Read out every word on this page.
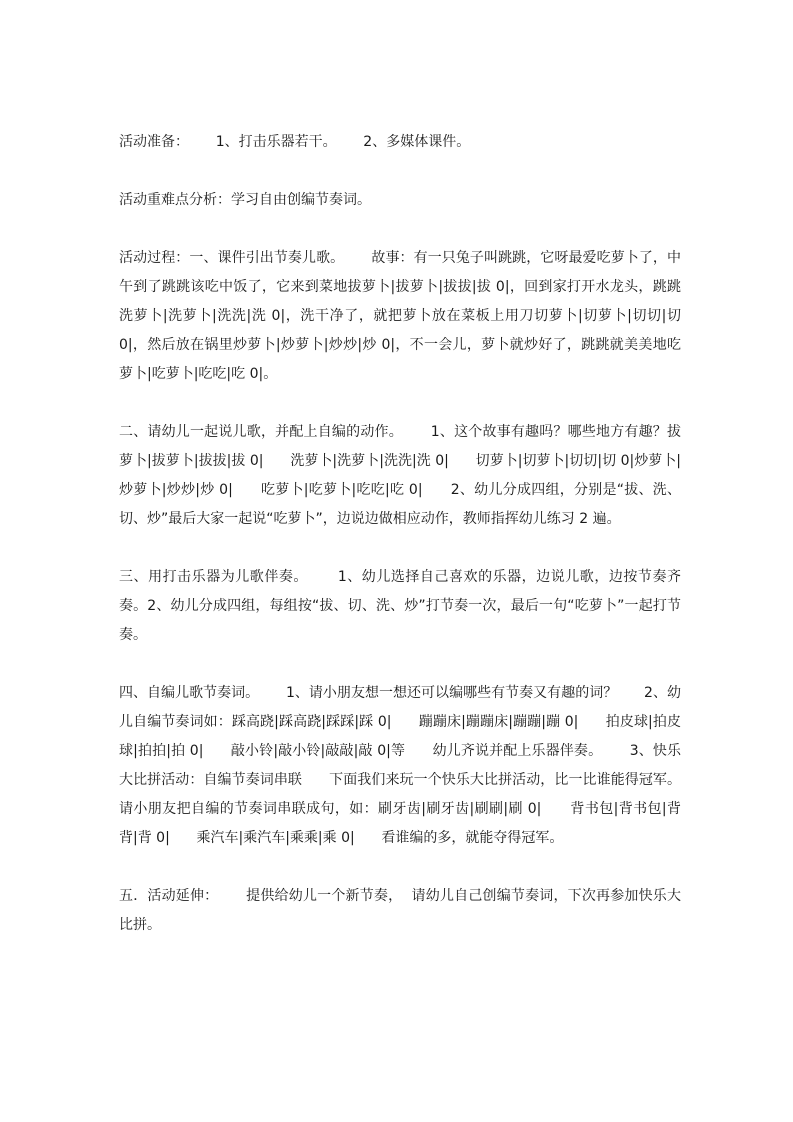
活动准备：      1、打击乐器若干。      2、多媒体课件。

活动重难点分析：学习自由创编节奏词。

活动过程：一、课件引出节奏儿歌。      故事：有一只兔子叫跳跳，它呀最爱吃萝卜了，中午到了跳跳该吃中饭了，它来到菜地拔萝卜|拔萝卜|拔拔|拔 0|，回到家打开水龙头，跳跳洗萝卜|洗萝卜|洗洗|洗 0|，洗干净了，就把萝卜放在菜板上用刀切萝卜|切萝卜|切切|切 0|，然后放在锅里炒萝卜|炒萝卜|炒炒|炒 0|，不一会儿，萝卜就炒好了，跳跳就美美地吃萝卜|吃萝卜|吃吃|吃 0|。

二、请幼儿一起说儿歌，并配上自编的动作。      1、这个故事有趣吗？哪些地方有趣？拔萝卜|拔萝卜|拔拔|拔 0|      洗萝卜|洗萝卜|洗洗|洗 0|      切萝卜|切萝卜|切切|切 0|炒萝卜|炒萝卜|炒炒|炒 0|      吃萝卜|吃萝卜|吃吃|吃 0|      2、幼儿分成四组，分别是“拔、洗、切、炒”最后大家一起说“吃萝卜”，边说边做相应动作，教师指挥幼儿练习 2 遍。

三、用打击乐器为儿歌伴奏。      1、幼儿选择自己喜欢的乐器，边说儿歌，边按节奏齐奏。2、幼儿分成四组，每组按“拔、切、洗、炒”打节奏一次，最后一句“吃萝卜”一起打节奏。

四、自编儿歌节奏词。      1、请小朋友想一想还可以编哪些有节奏又有趣的词？      2、幼儿自编节奏词如：踩高跷|踩高跷|踩踩|踩 0|      蹦蹦床|蹦蹦床|蹦蹦|蹦 0|      拍皮球|拍皮球|拍拍|拍 0|      敲小铃|敲小铃|敲敲|敲 0|等      幼儿齐说并配上乐器伴奏。      3、快乐大比拼活动：自编节奏词串联      下面我们来玩一个快乐大比拼活动，比一比谁能得冠军。      请小朋友把自编的节奏词串联成句，如：刷牙齿|刷牙齿|刷刷|刷 0|      背书包|背书包|背背|背 0|      乘汽车|乘汽车|乘乘|乘 0|      看谁编的多，就能夺得冠军。

五．活动延伸：      提供给幼儿一个新节奏，  请幼儿自己创编节奏词，下次再参加快乐大比拼。
